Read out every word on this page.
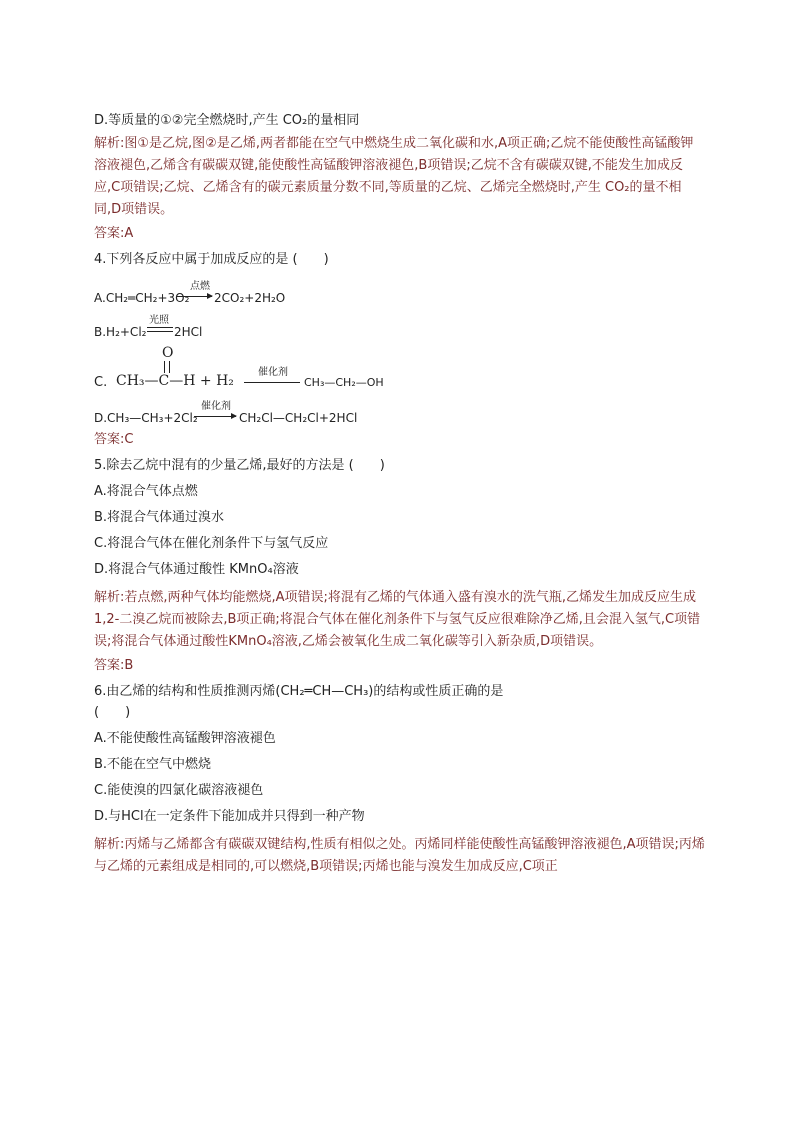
D.等质量的①②完全燃烧时,产生 CO₂的量相同

解析:图①是乙烷,图②是乙烯,两者都能在空气中燃烧生成二氧化碳和水,A项正确;乙烷不能使酸性高锰酸钾溶液褪色,乙烯含有碳碳双键,能使酸性高锰酸钾溶液褪色,B项错误;乙烷不含有碳碳双键,不能发生加成反应,C项错误;乙烷、乙烯含有的碳元素质量分数不同,等质量的乙烷、乙烯完全燃烧时,产生 CO₂的量不相同,D项错误。

答案:A

4.下列各反应中属于加成反应的是 (　　)

A.CH₂═CH₂+3O₂
点燃
→ 2CO₂+2H₂O
B.H₂+Cl₂
光照
2HCl
C.
O
CH₃—C—H + H₂
催化剂
CH₃—CH₂—OH
D.CH₃—CH₃+2Cl₂
催化剂
→ CH₂Cl—CH₂Cl+2HCl

答案:C

5.除去乙烷中混有的少量乙烯,最好的方法是 (　　)

A.将混合气体点燃

B.将混合气体通过溴水

C.将混合气体在催化剂条件下与氢气反应

D.将混合气体通过酸性 KMnO₄溶液

解析:若点燃,两种气体均能燃烧,A项错误;将混有乙烯的气体通入盛有溴水的洗气瓶,乙烯发生加成反应生成1,2-二溴乙烷而被除去,B项正确;将混合气体在催化剂条件下与氢气反应很难除净乙烯,且会混入氢气,C项错误;将混合气体通过酸性KMnO₄溶液,乙烯会被氧化生成二氧化碳等引入新杂质,D项错误。

答案:B

6.由乙烯的结构和性质推测丙烯(CH₂═CH—CH₃)的结构或性质正确的是

(　　)

A.不能使酸性高锰酸钾溶液褪色

B.不能在空气中燃烧

C.能使溴的四氯化碳溶液褪色

D.与HCl在一定条件下能加成并只得到一种产物

解析:丙烯与乙烯都含有碳碳双键结构,性质有相似之处。丙烯同样能使酸性高锰酸钾溶液褪色,A项错误;丙烯与乙烯的元素组成是相同的,可以燃烧,B项错误;丙烯也能与溴发生加成反应,C项正
